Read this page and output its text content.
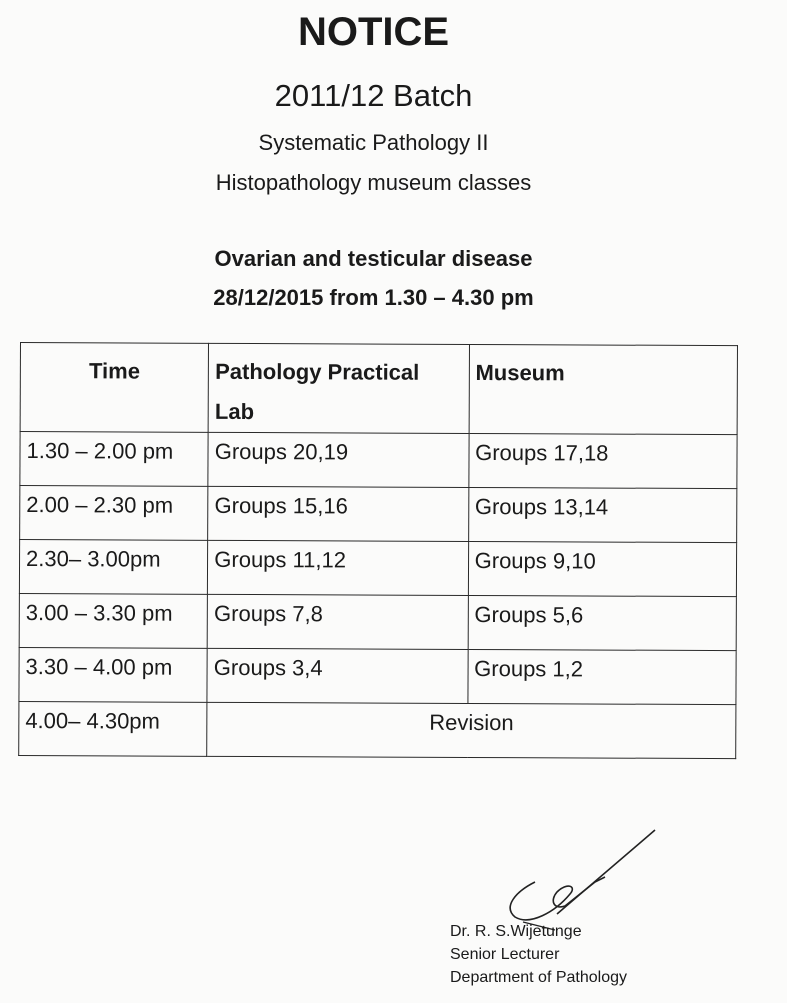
NOTICE
2011/12 Batch
Systematic Pathology II
Histopathology museum classes
Ovarian and testicular disease
28/12/2015 from 1.30 – 4.30 pm
Time	Pathology Practical Lab	Museum
1.30 – 2.00 pm	Groups 20,19	Groups 17,18
2.00 – 2.30 pm	Groups 15,16	Groups 13,14
2.30– 3.00pm	Groups 11,12	Groups 9,10
3.00 – 3.30 pm	Groups 7,8	Groups 5,6
3.30 – 4.00 pm	Groups 3,4	Groups 1,2
4.00– 4.30pm	Revision	
Dr. R. S.Wijetunge
Senior Lecturer
Department of Pathology
